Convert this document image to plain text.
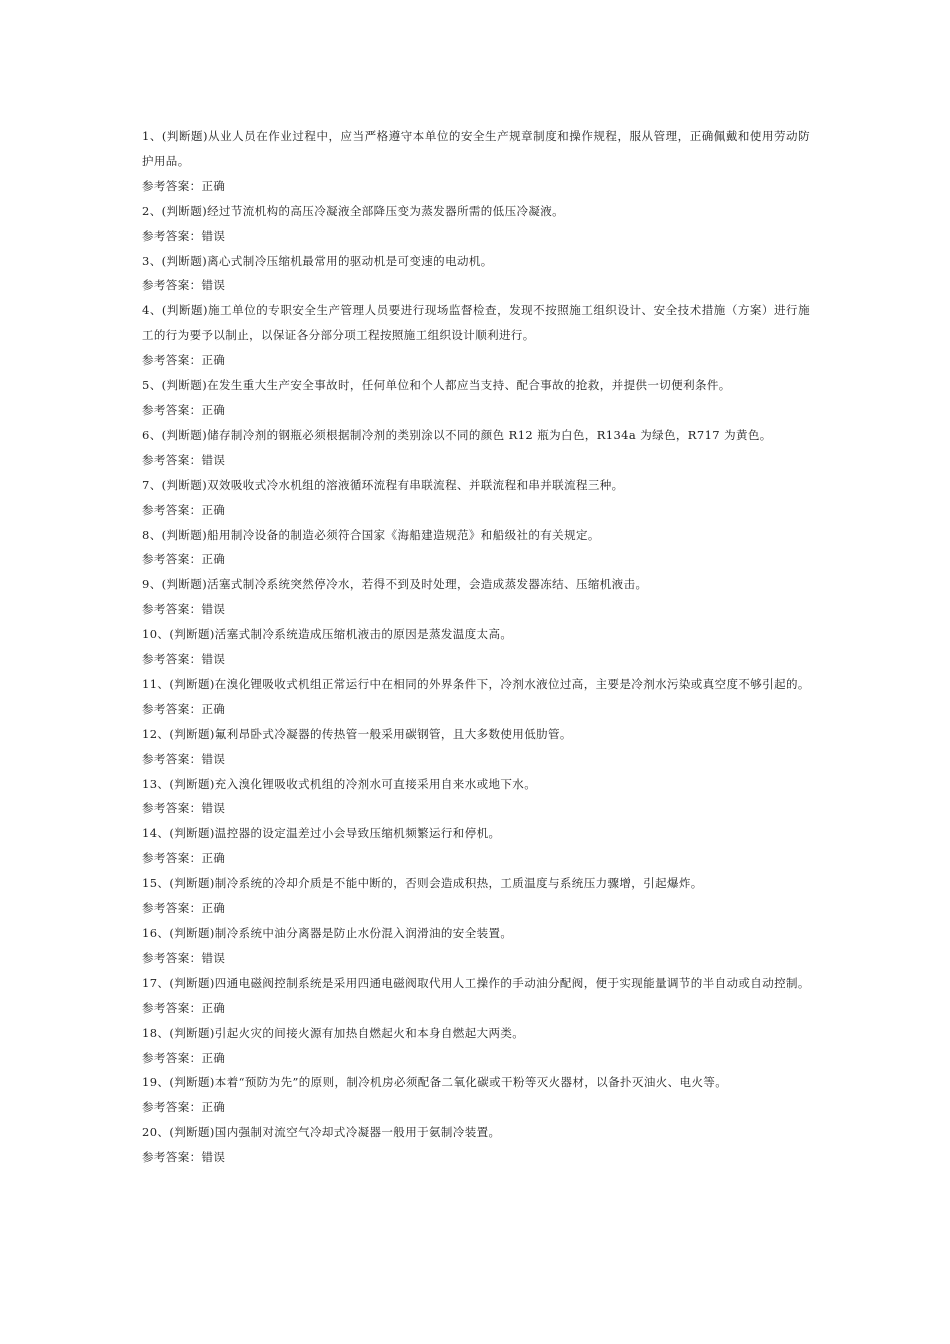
1、(判断题)从业人员在作业过程中，应当严格遵守本单位的安全生产规章制度和操作规程，服从管理，正确佩戴和使用劳动防护用品。

参考答案：正确

2、(判断题)经过节流机构的高压冷凝液全部降压变为蒸发器所需的低压冷凝液。

参考答案：错误

3、(判断题)离心式制冷压缩机最常用的驱动机是可变速的电动机。

参考答案：错误

4、(判断题)施工单位的专职安全生产管理人员要进行现场监督检查，发现不按照施工组织设计、安全技术措施（方案）进行施工的行为要予以制止，以保证各分部分项工程按照施工组织设计顺利进行。

参考答案：正确

5、(判断题)在发生重大生产安全事故时，任何单位和个人都应当支持、配合事故的抢救，并提供一切便利条件。

参考答案：正确

6、(判断题)储存制冷剂的钢瓶必须根据制冷剂的类别涂以不同的颜色 R12 瓶为白色，R134a 为绿色，R717 为黄色。

参考答案：错误

7、(判断题)双效吸收式冷水机组的溶液循环流程有串联流程、并联流程和串并联流程三种。

参考答案：正确

8、(判断题)船用制冷设备的制造必须符合国家《海船建造规范》和船级社的有关规定。

参考答案：正确

9、(判断题)活塞式制冷系统突然停冷水，若得不到及时处理，会造成蒸发器冻结、压缩机液击。

参考答案：错误

10、(判断题)活塞式制冷系统造成压缩机液击的原因是蒸发温度太高。

参考答案：错误

11、(判断题)在溴化锂吸收式机组正常运行中在相同的外界条件下，冷剂水液位过高，主要是冷剂水污染或真空度不够引起的。

参考答案：正确

12、(判断题)氟利昂卧式冷凝器的传热管一般采用碳钢管，且大多数使用低肋管。

参考答案：错误

13、(判断题)充入溴化锂吸收式机组的冷剂水可直接采用自来水或地下水。

参考答案：错误

14、(判断题)温控器的设定温差过小会导致压缩机频繁运行和停机。

参考答案：正确

15、(判断题)制冷系统的冷却介质是不能中断的，否则会造成积热，工质温度与系统压力骤增，引起爆炸。

参考答案：正确

16、(判断题)制冷系统中油分离器是防止水份混入润滑油的安全装置。

参考答案：错误

17、(判断题)四通电磁阀控制系统是采用四通电磁阀取代用人工操作的手动油分配阀，便于实现能量调节的半自动或自动控制。

参考答案：正确

18、(判断题)引起火灾的间接火源有加热自燃起火和本身自燃起大两类。

参考答案：正确

19、(判断题)本着“预防为先”的原则，制冷机房必须配备二氧化碳或干粉等灭火器材，以备扑灭油火、电火等。

参考答案：正确

20、(判断题)国内强制对流空气冷却式冷凝器一般用于氨制冷装置。

参考答案：错误
